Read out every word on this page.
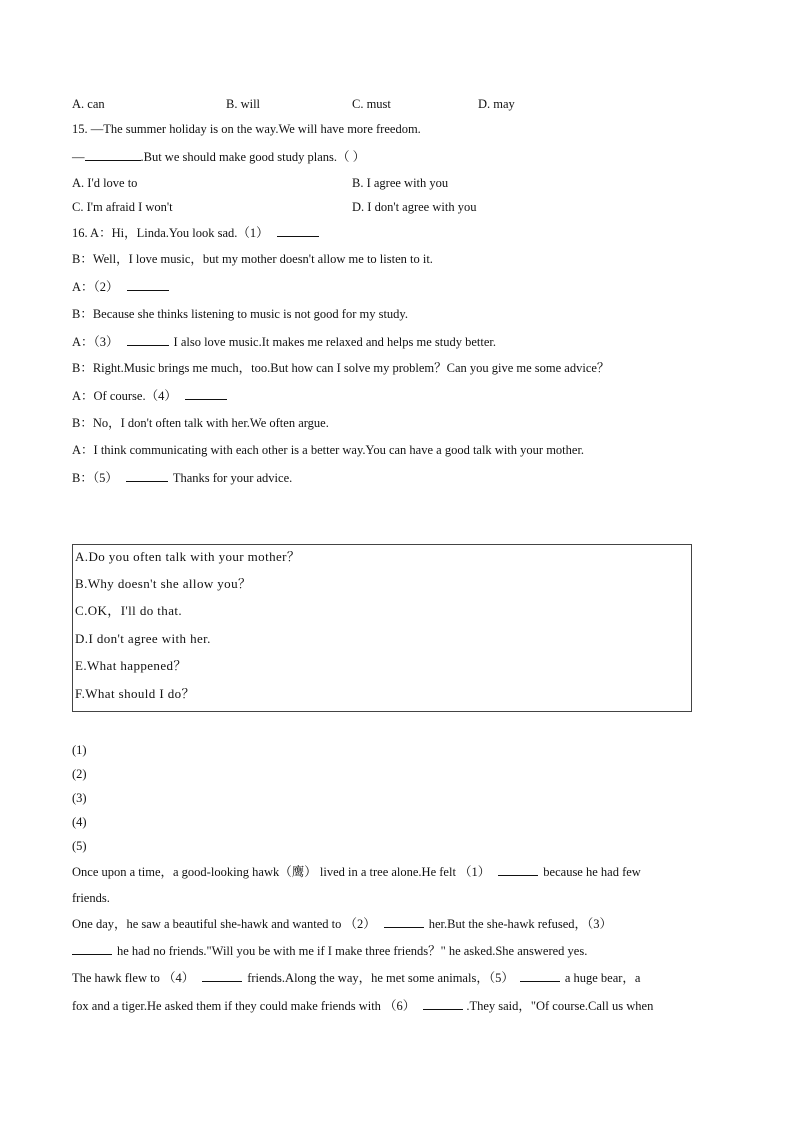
A. can	B. will	C. must	D. may
15. —The summer holiday is on the way.We will have more freedom.
—	.But we should make good study plans.（ ）
A. I'd love to	B. I agree with you
C. I'm afraid I won't	D. I don't agree with you
16. A：Hi，Linda.You look sad.（1）
B：Well，I love music，but my mother doesn't allow me to listen to it.
A：（2）
B：Because she thinks listening to music is not good for my study.
A：（3）	I also love music.It makes me relaxed and helps me study better.
B：Right.Music brings me much，too.But how can I solve my problem？Can you give me some advice？
A：Of course.（4）
B：No，I don't often talk with her.We often argue.
A：I think communicating with each other is a better way.You can have a good talk with your mother.
B：（5）	Thanks for your advice.
A.Do you often talk with your mother？
B.Why doesn't she allow you？
C.OK，I'll do that.
D.I don't agree with her.
E.What happened？
F.What should I do？
(1)
(2)
(3)
(4)
(5)
Once upon a time，a good-looking hawk（鹰） lived in a tree alone.He felt （1）	because he had few
friends.
One day，he saw a beautiful she-hawk and wanted to （2）	her.But the she-hawk refused，（3）
he had no friends."Will you be with me if I make three friends？" he asked.She answered yes.
The hawk flew to （4）	friends.Along the way，he met some animals，（5）	a huge bear，a
fox and a tiger.He asked them if they could make friends with （6）	.They said，"Of course.Call us when
